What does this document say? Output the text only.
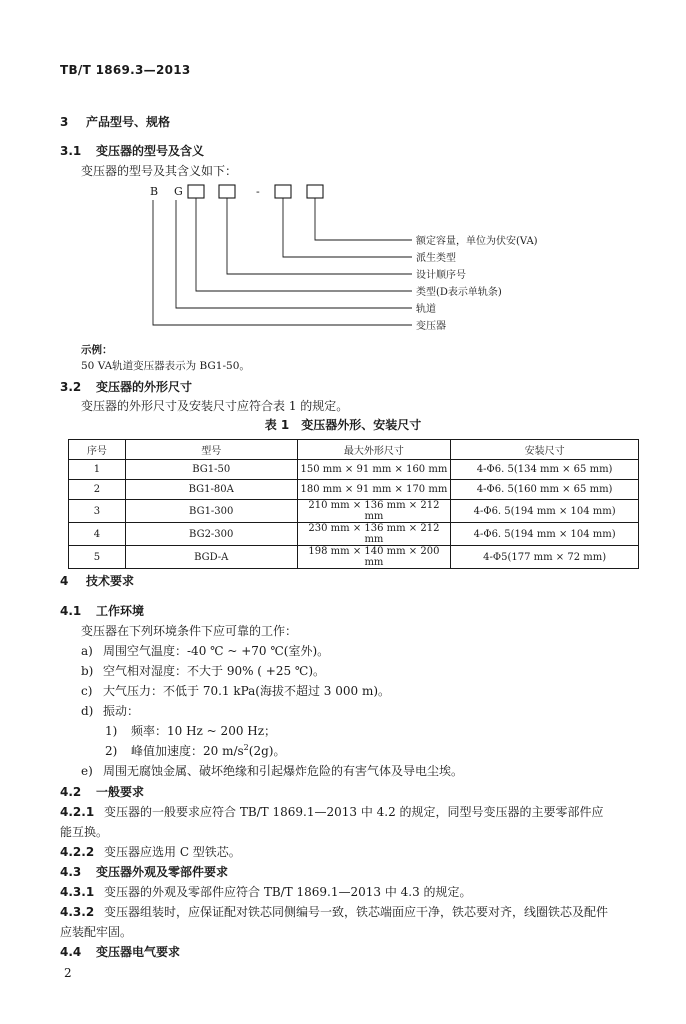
TB/T 1869.3—2013
3 产品型号、规格
3.1 变压器的型号及含义
变压器的型号及其含义如下：
B G	-
额定容量，单位为伏安(VA)
派生类型
设计顺序号
类型(D表示单轨条)
轨道
变压器
示例：
50 VA轨道变压器表示为 BG1-50。
3.2 变压器的外形尺寸
变压器的外形尺寸及安装尺寸应符合表 1 的规定。
表 1　变压器外形、安装尺寸
序号	型号	最大外形尺寸	安装尺寸
1	BG1-50	150 mm × 91 mm × 160 mm	4-Φ6. 5(134 mm × 65 mm)
2	BG1-80A	180 mm × 91 mm × 170 mm	4-Φ6. 5(160 mm × 65 mm)
3	BG1-300	210 mm × 136 mm × 212 mm	4-Φ6. 5(194 mm × 104 mm)
4	BG2-300	230 mm × 136 mm × 212 mm	4-Φ6. 5(194 mm × 104 mm)
5	BGD-A	198 mm × 140 mm × 200 mm	4-Φ5(177 mm × 72 mm)
4 技术要求
4.1 工作环境
变压器在下列环境条件下应可靠的工作：
a) 周围空气温度：-40 ℃ ~ +70 ℃(室外)。
b) 空气相对湿度：不大于 90% ( +25 ℃)。
c) 大气压力：不低于 70.1 kPa(海拔不超过 3 000 m)。
d) 振动：
1) 频率：10 Hz ~ 200 Hz；
2) 峰值加速度：20 $m/s^2(2g)$。
e) 周围无腐蚀金属、破坏绝缘和引起爆炸危险的有害气体及导电尘埃。
4.2 一般要求
4.2.1 变压器的一般要求应符合 TB/T 1869.1—2013 中 4.2 的规定，同型号变压器的主要零部件应
能互换。
4.2.2 变压器应选用 C 型铁芯。
4.3 变压器外观及零部件要求
4.3.1 变压器的外观及零部件应符合 TB/T 1869.1—2013 中 4.3 的规定。
4.3.2 变压器组装时，应保证配对铁芯同侧编号一致，铁芯端面应干净，铁芯要对齐，线圈铁芯及配件
应装配牢固。
4.4 变压器电气要求
2
